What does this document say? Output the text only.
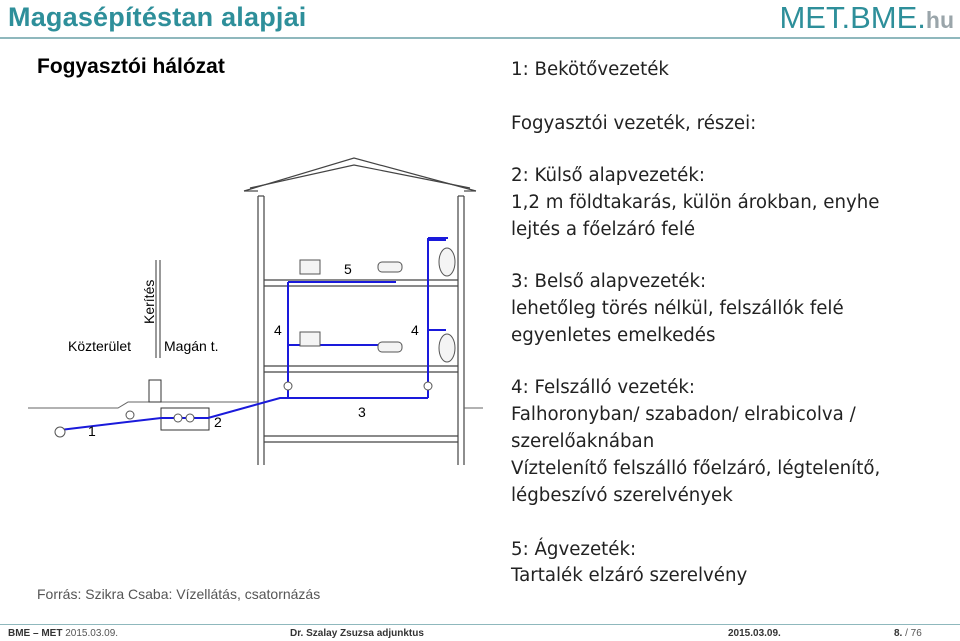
Magasépítéstan alapjai	MET.BME.hu
Fogyasztói hálózat
Közterület
Kerítés
Magán t.
1
2
3
4	4
5
1: Bekötővezeték
Fogyasztói vezeték, részei:
2: Külső alapvezeték:
1,2 m földtakarás, külön árokban, enyhe
lejtés a főelzáró felé
3: Belső alapvezeték:
lehetőleg törés nélkül, felszállók felé
egyenletes emelkedés
4: Felszálló vezeték:
Falhoronyban/ szabadon/ elrabicolva /
szerelőaknában
Víztelenítő felszálló főelzáró, légtelenítő,
légbeszívó szerelvények
5: Ágvezeték:
Tartalék elzáró szerelvény
Forrás: Szikra Csaba: Vízellátás, csatornázás
BME – MET 2015.03.09.	Dr. Szalay Zsuzsa adjunktus	2015.03.09.	8. / 76
